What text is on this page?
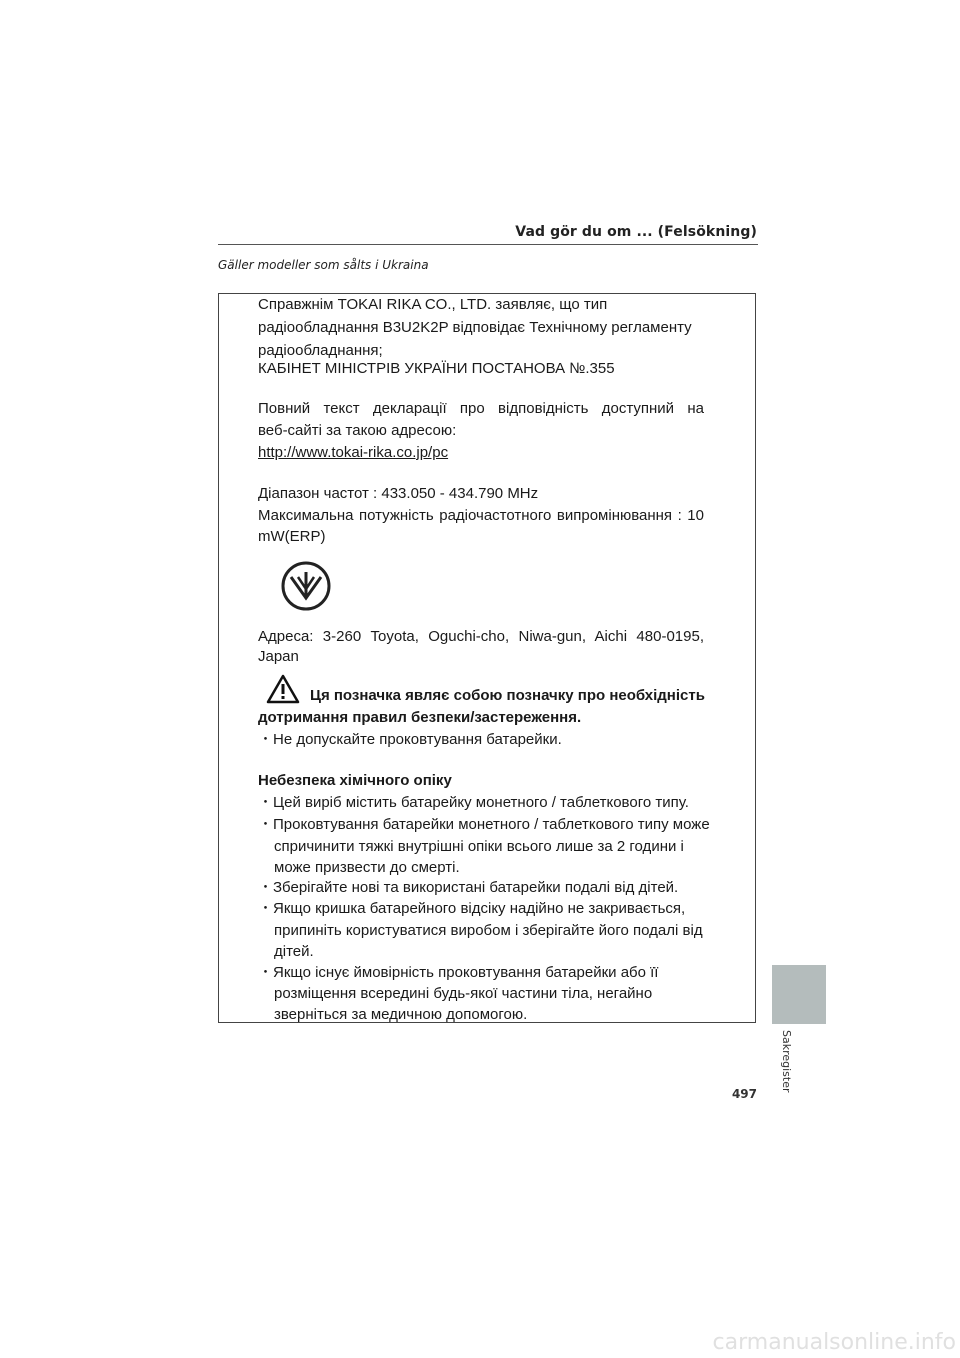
Vad gör du om ... (Felsökning)
Gäller modeller som sålts i Ukraina
Справжнім TOKAI RIKA CO., LTD. заявляє, що тип
радіообладнання B3U2K2P відповідає Технічному регламенту
радіообладнання;
КАБІНЕТ МІНІСТРІВ УКРАЇНИ ПОСТАНОВА №.355
Повний текст декларації про відповідність доступний на
веб-сайті за такою адресою:
http://www.tokai-rika.co.jp/pc
Діапазон частот : 433.050 - 434.790 MHz
Максимальна потужність радіочастотного випромінювання : 10
mW(ERP)
Адреса: 3-260 Toyota, Oguchi-cho, Niwa-gun, Aichi 480-0195,
Japan
Ця позначка являє собою позначку про необхідність
дотримання правил безпеки/застереження.
・Не допускайте проковтування батарейки.
Небезпека хімічного опіку
・Цей виріб містить батарейку монетного / таблеткового типу.
・Проковтування батарейки монетного / таблеткового типу може
спричинити тяжкі внутрішні опіки всього лише за 2 години і
може призвести до смерті.
・Зберігайте нові та використані батарейки подалі від дітей.
・Якщо кришка батарейного відсіку надійно не закривається,
припиніть користуватися виробом і зберігайте його подалі від
дітей.
・Якщо існує ймовірність проковтування батарейки або її
розміщення всередині будь-якої частини тіла, негайно
зверніться за медичною допомогою.
Sakregister
497
carmanualsonline.info
